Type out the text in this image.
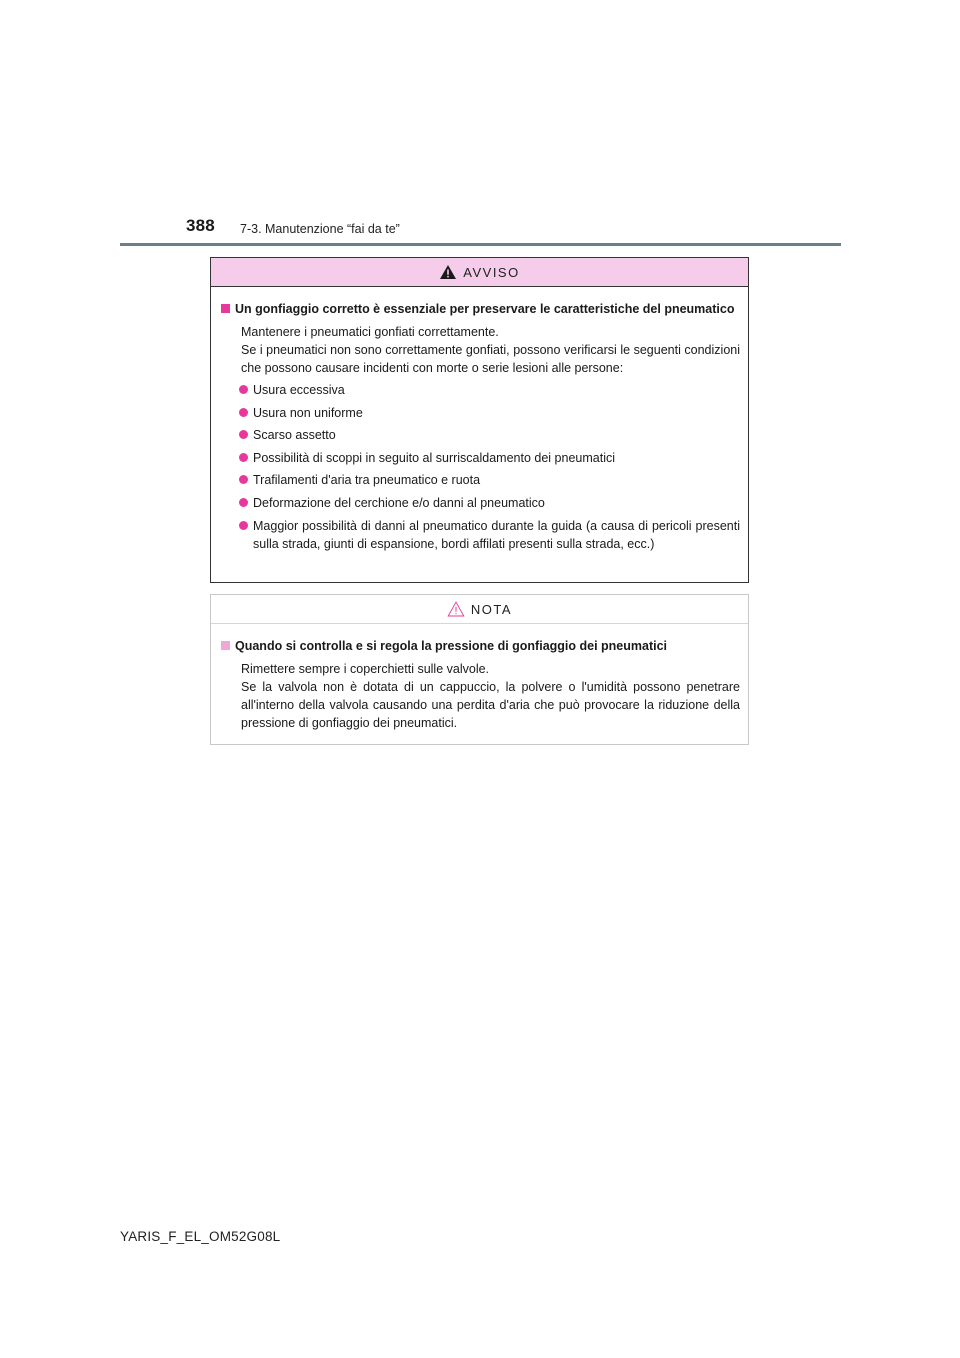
388 7-3. Manutenzione “fai da te”
AVVISO
Un gonfiaggio corretto è essenziale per preservare le caratteristiche del pneumatico
Mantenere i pneumatici gonfiati correttamente.
Se i pneumatici non sono correttamente gonfiati, possono verificarsi le seguenti condizioni che possono causare incidenti con morte o serie lesioni alle persone:
Usura eccessiva
Usura non uniforme
Scarso assetto
Possibilità di scoppi in seguito al surriscaldamento dei pneumatici
Trafilamenti d'aria tra pneumatico e ruota
Deformazione del cerchione e/o danni al pneumatico
Maggior possibilità di danni al pneumatico durante la guida (a causa di pericoli presenti sulla strada, giunti di espansione, bordi affilati presenti sulla strada, ecc.)
NOTA
Quando si controlla e si regola la pressione di gonfiaggio dei pneumatici
Rimettere sempre i coperchietti sulle valvole.
Se la valvola non è dotata di un cappuccio, la polvere o l'umidità possono penetrare all'interno della valvola causando una perdita d'aria che può provocare la riduzione della pressione di gonfiaggio dei pneumatici.
YARIS_F_EL_OM52G08L
